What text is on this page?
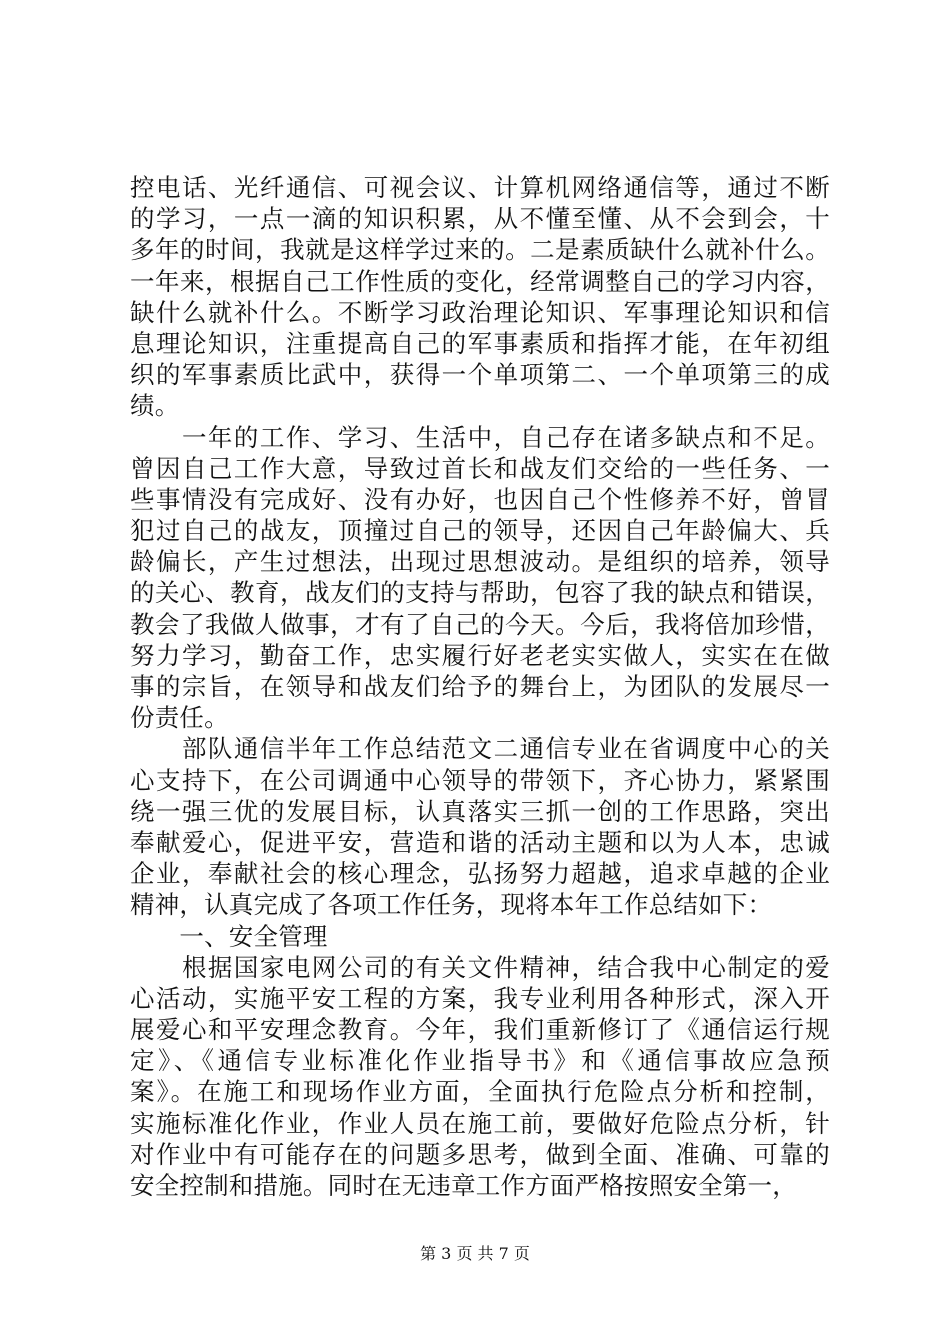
控电话、光纤通信、可视会议、计算机网络通信等，通过不断
的学习，一点一滴的知识积累，从不懂至懂、从不会到会，十
多年的时间，我就是这样学过来的。二是素质缺什么就补什么。
一年来，根据自己工作性质的变化，经常调整自己的学习内容，
缺什么就补什么。不断学习政治理论知识、军事理论知识和信
息理论知识，注重提高自己的军事素质和指挥才能，在年初组
织的军事素质比武中，获得一个单项第二、一个单项第三的成
绩。
　　一年的工作、学习、生活中，自己存在诸多缺点和不足。
曾因自己工作大意，导致过首长和战友们交给的一些任务、一
些事情没有完成好、没有办好，也因自己个性修养不好，曾冒
犯过自己的战友，顶撞过自己的领导，还因自己年龄偏大、兵
龄偏长，产生过想法，出现过思想波动。是组织的培养，领导
的关心、教育，战友们的支持与帮助，包容了我的缺点和错误，
教会了我做人做事，才有了自己的今天。今后，我将倍加珍惜，
努力学习，勤奋工作，忠实履行好老老实实做人，实实在在做
事的宗旨，在领导和战友们给予的舞台上，为团队的发展尽一
份责任。
　　部队通信半年工作总结范文二通信专业在省调度中心的关
心支持下，在公司调通中心领导的带领下，齐心协力，紧紧围
绕一强三优的发展目标，认真落实三抓一创的工作思路，突出
奉献爱心，促进平安，营造和谐的活动主题和以为人本，忠诚
企业，奉献社会的核心理念，弘扬努力超越，追求卓越的企业
精神，认真完成了各项工作任务，现将本年工作总结如下：
　　一、安全管理
　　根据国家电网公司的有关文件精神，结合我中心制定的爱
心活动，实施平安工程的方案，我专业利用各种形式，深入开
展爱心和平安理念教育。今年，我们重新修订了《通信运行规
定》、《通信专业标准化作业指导书》和《通信事故应急预
案》。在施工和现场作业方面，全面执行危险点分析和控制，
实施标准化作业，作业人员在施工前，要做好危险点分析，针
对作业中有可能存在的问题多思考，做到全面、准确、可靠的
安全控制和措施。同时在无违章工作方面严格按照安全第一，
第 3 页 共 7 页
